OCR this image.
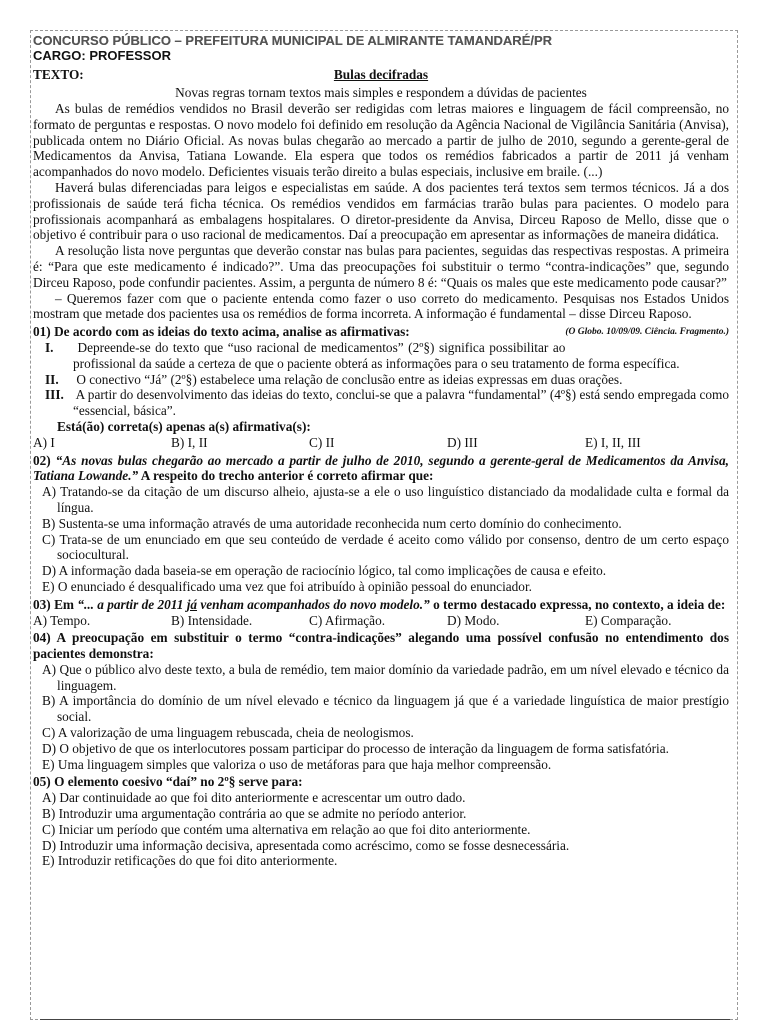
CONCURSO PÚBLICO – PREFEITURA MUNICIPAL DE ALMIRANTE TAMANDARÉ/PR
CARGO: PROFESSOR
TEXTO:	Bulas decifradas
Novas regras tornam textos mais simples e respondem a dúvidas de pacientes

As bulas de remédios vendidos no Brasil deverão ser redigidas com letras maiores e linguagem de fácil compreensão, no formato de perguntas e respostas. O novo modelo foi definido em resolução da Agência Nacional de Vigilância Sanitária (Anvisa), publicada ontem no Diário Oficial. As novas bulas chegarão ao mercado a partir de julho de 2010, segundo a gerente-geral de Medicamentos da Anvisa, Tatiana Lowande. Ela espera que todos os remédios fabricados a partir de 2011 já venham acompanhados do novo modelo. Deficientes visuais terão direito a bulas especiais, inclusive em braile. (...)

Haverá bulas diferenciadas para leigos e especialistas em saúde. A dos pacientes terá textos sem termos técnicos. Já a dos profissionais de saúde terá ficha técnica. Os remédios vendidos em farmácias trarão bulas para pacientes. O modelo para profissionais acompanhará as embalagens hospitalares. O diretor-presidente da Anvisa, Dirceu Raposo de Mello, disse que o objetivo é contribuir para o uso racional de medicamentos. Daí a preocupação em apresentar as informações de maneira didática.

A resolução lista nove perguntas que deverão constar nas bulas para pacientes, seguidas das respectivas respostas. A primeira é: “Para que este medicamento é indicado?”. Uma das preocupações foi substituir o termo “contra-indicações” que, segundo Dirceu Raposo, pode confundir pacientes. Assim, a pergunta de número 8 é: “Quais os males que este medicamento pode causar?”

– Queremos fazer com que o paciente entenda como fazer o uso correto do medicamento. Pesquisas nos Estados Unidos mostram que metade dos pacientes usa os remédios de forma incorreta. A informação é fundamental – disse Dirceu Raposo.
(O Globo. 10/09/09. Ciência. Fragmento.)

01) De acordo com as ideias do texto acima, analise as afirmativas:
I. Depreende-se do texto que “uso racional de medicamentos” (2º§) significa possibilitar ao profissional da saúde a certeza de que o paciente obterá as informações para o seu tratamento de forma específica.
II. O conectivo “Já” (2º§) estabelece uma relação de conclusão entre as ideias expressas em duas orações.
III. A partir do desenvolvimento das ideias do texto, conclui-se que a palavra “fundamental” (4º§) está sendo empregada como “essencial, básica”.
Está(ão) correta(s) apenas a(s) afirmativa(s):
A) I	B) I, II	C) II	D) III	E) I, II, III
02) “As novas bulas chegarão ao mercado a partir de julho de 2010, segundo a gerente-geral de Medicamentos da Anvisa, Tatiana Lowande.” A respeito do trecho anterior é correto afirmar que:
A) Tratando-se da citação de um discurso alheio, ajusta-se a ele o uso linguístico distanciado da modalidade culta e formal da língua.
B) Sustenta-se uma informação através de uma autoridade reconhecida num certo domínio do conhecimento.
C) Trata-se de um enunciado em que seu conteúdo de verdade é aceito como válido por consenso, dentro de um certo espaço sociocultural.
D) A informação dada baseia-se em operação de raciocínio lógico, tal como implicações de causa e efeito.
E) O enunciado é desqualificado uma vez que foi atribuído à opinião pessoal do enunciador.
03) Em “... a partir de 2011 já venham acompanhados do novo modelo.” o termo destacado expressa, no contexto, a ideia de:
A) Tempo.	B) Intensidade.	C) Afirmação.	D) Modo.	E) Comparação.
04) A preocupação em substituir o termo “contra-indicações” alegando uma possível confusão no entendimento dos pacientes demonstra:
A) Que o público alvo deste texto, a bula de remédio, tem maior domínio da variedade padrão, em um nível elevado e técnico da linguagem.
B) A importância do domínio de um nível elevado e técnico da linguagem já que é a variedade linguística de maior prestígio social.
C) A valorização de uma linguagem rebuscada, cheia de neologismos.
D) O objetivo de que os interlocutores possam participar do processo de interação da linguagem de forma satisfatória.
E) Uma linguagem simples que valoriza o uso de metáforas para que haja melhor compreensão.
05) O elemento coesivo “daí” no 2º§ serve para:
A) Dar continuidade ao que foi dito anteriormente e acrescentar um outro dado.
B) Introduzir uma argumentação contrária ao que se admite no período anterior.
C) Iniciar um período que contém uma alternativa em relação ao que foi dito anteriormente.
D) Introduzir uma informação decisiva, apresentada como acréscimo, como se fosse desnecessária.
E) Introduzir retificações do que foi dito anteriormente.
